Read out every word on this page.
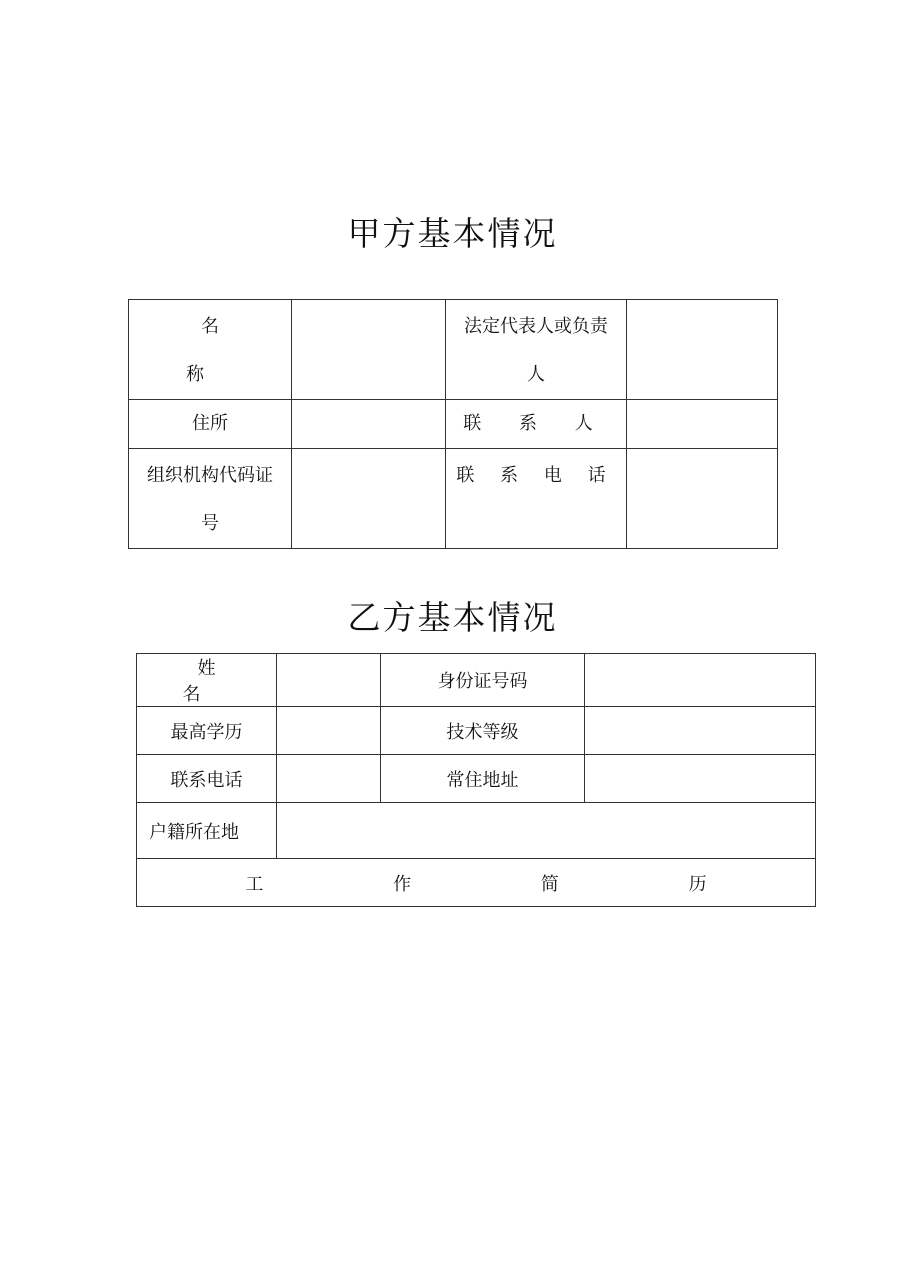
甲方基本情况
名　称		法定代表人或负责人	
住所		联 系 人	
组织机构代码证号		联 系 电 话	
乙方基本情况
姓　名		身份证号码	
最高学历		技术等级	
联系电话		常住地址	
户籍所在地			
工 作 简 历			
